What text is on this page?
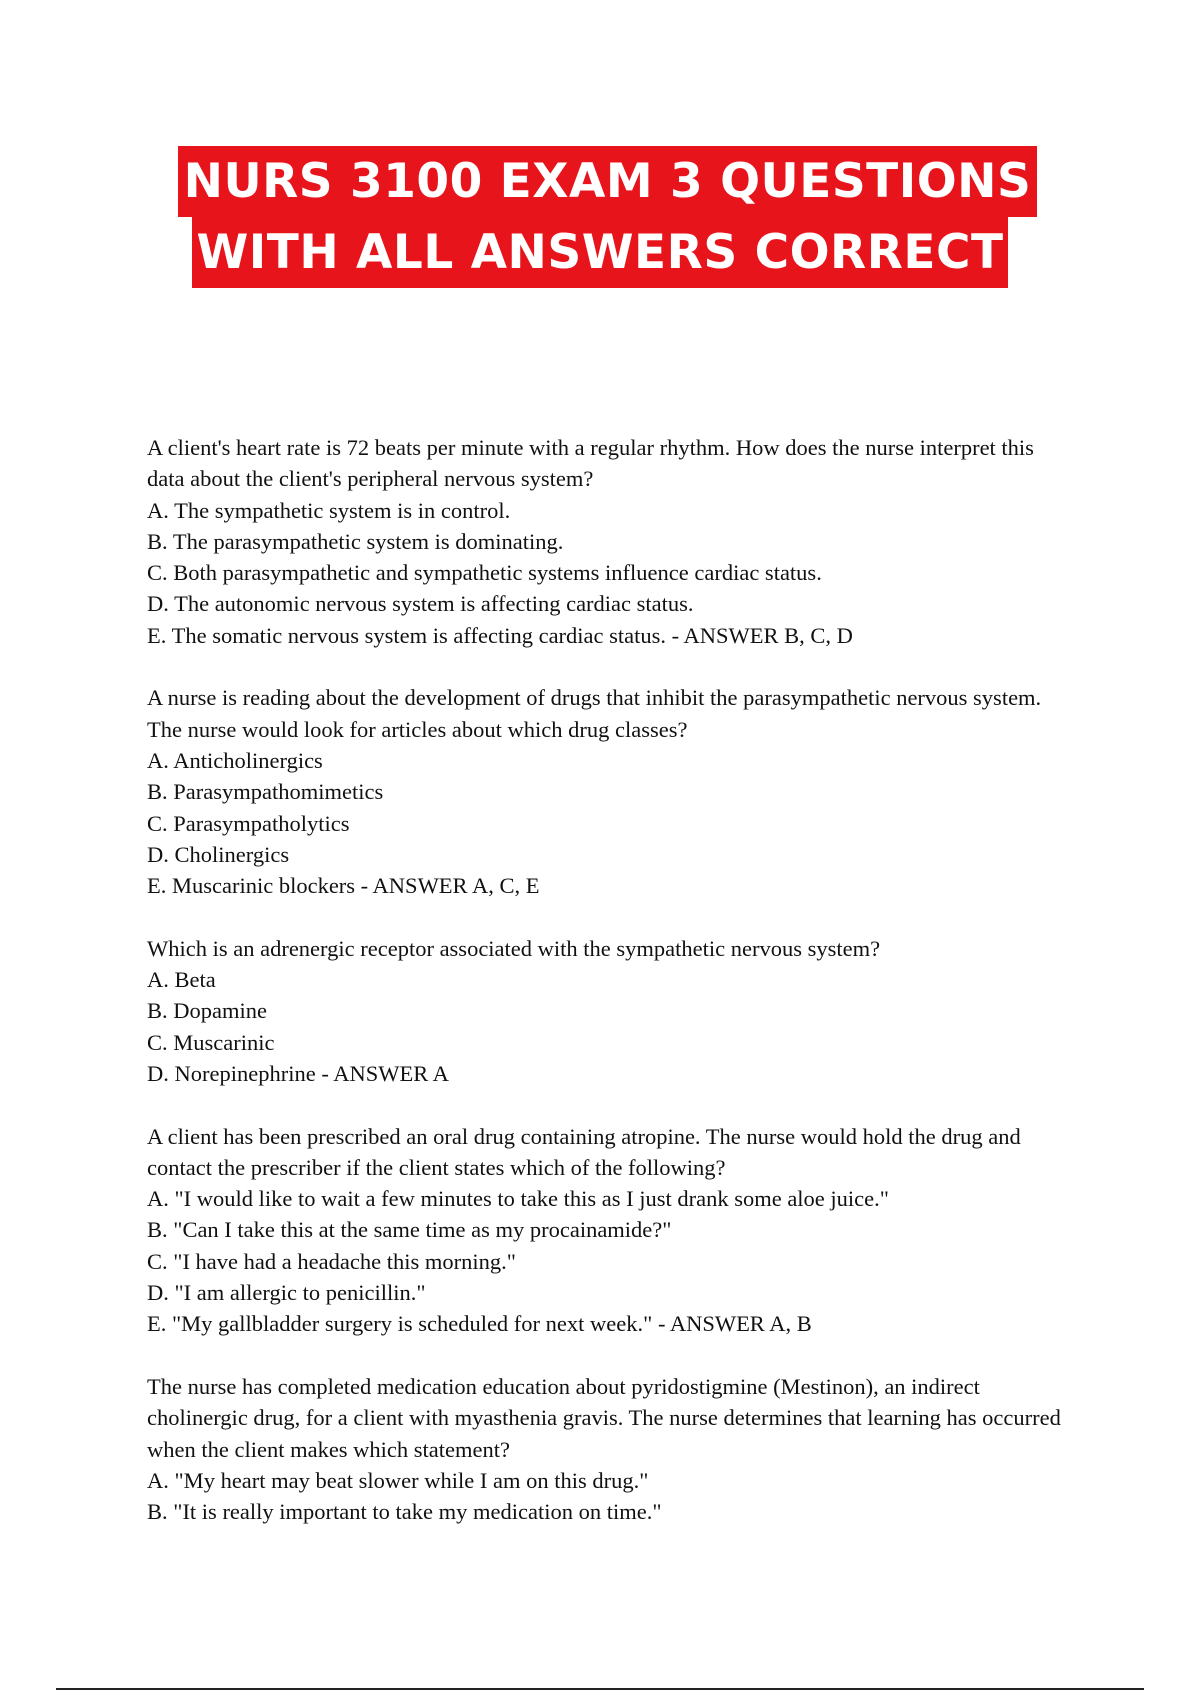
NURS 3100 EXAM 3 QUESTIONS
WITH ALL ANSWERS CORRECT
A client's heart rate is 72 beats per minute with a regular rhythm. How does the nurse interpret this data about the client's peripheral nervous system?
A. The sympathetic system is in control.
B. The parasympathetic system is dominating.
C. Both parasympathetic and sympathetic systems influence cardiac status.
D. The autonomic nervous system is affecting cardiac status.
E. The somatic nervous system is affecting cardiac status. - ANSWER B, C, D
A nurse is reading about the development of drugs that inhibit the parasympathetic nervous system. The nurse would look for articles about which drug classes?
A. Anticholinergics
B. Parasympathomimetics
C. Parasympatholytics
D. Cholinergics
E. Muscarinic blockers - ANSWER A, C, E
Which is an adrenergic receptor associated with the sympathetic nervous system?
A. Beta
B. Dopamine
C. Muscarinic
D. Norepinephrine - ANSWER A
A client has been prescribed an oral drug containing atropine. The nurse would hold the drug and contact the prescriber if the client states which of the following?
A. "I would like to wait a few minutes to take this as I just drank some aloe juice."
B. "Can I take this at the same time as my procainamide?"
C. "I have had a headache this morning."
D. "I am allergic to penicillin."
E. "My gallbladder surgery is scheduled for next week." - ANSWER A, B
The nurse has completed medication education about pyridostigmine (Mestinon), an indirect cholinergic drug, for a client with myasthenia gravis. The nurse determines that learning has occurred when the client makes which statement?
A. "My heart may beat slower while I am on this drug."
B. "It is really important to take my medication on time."
